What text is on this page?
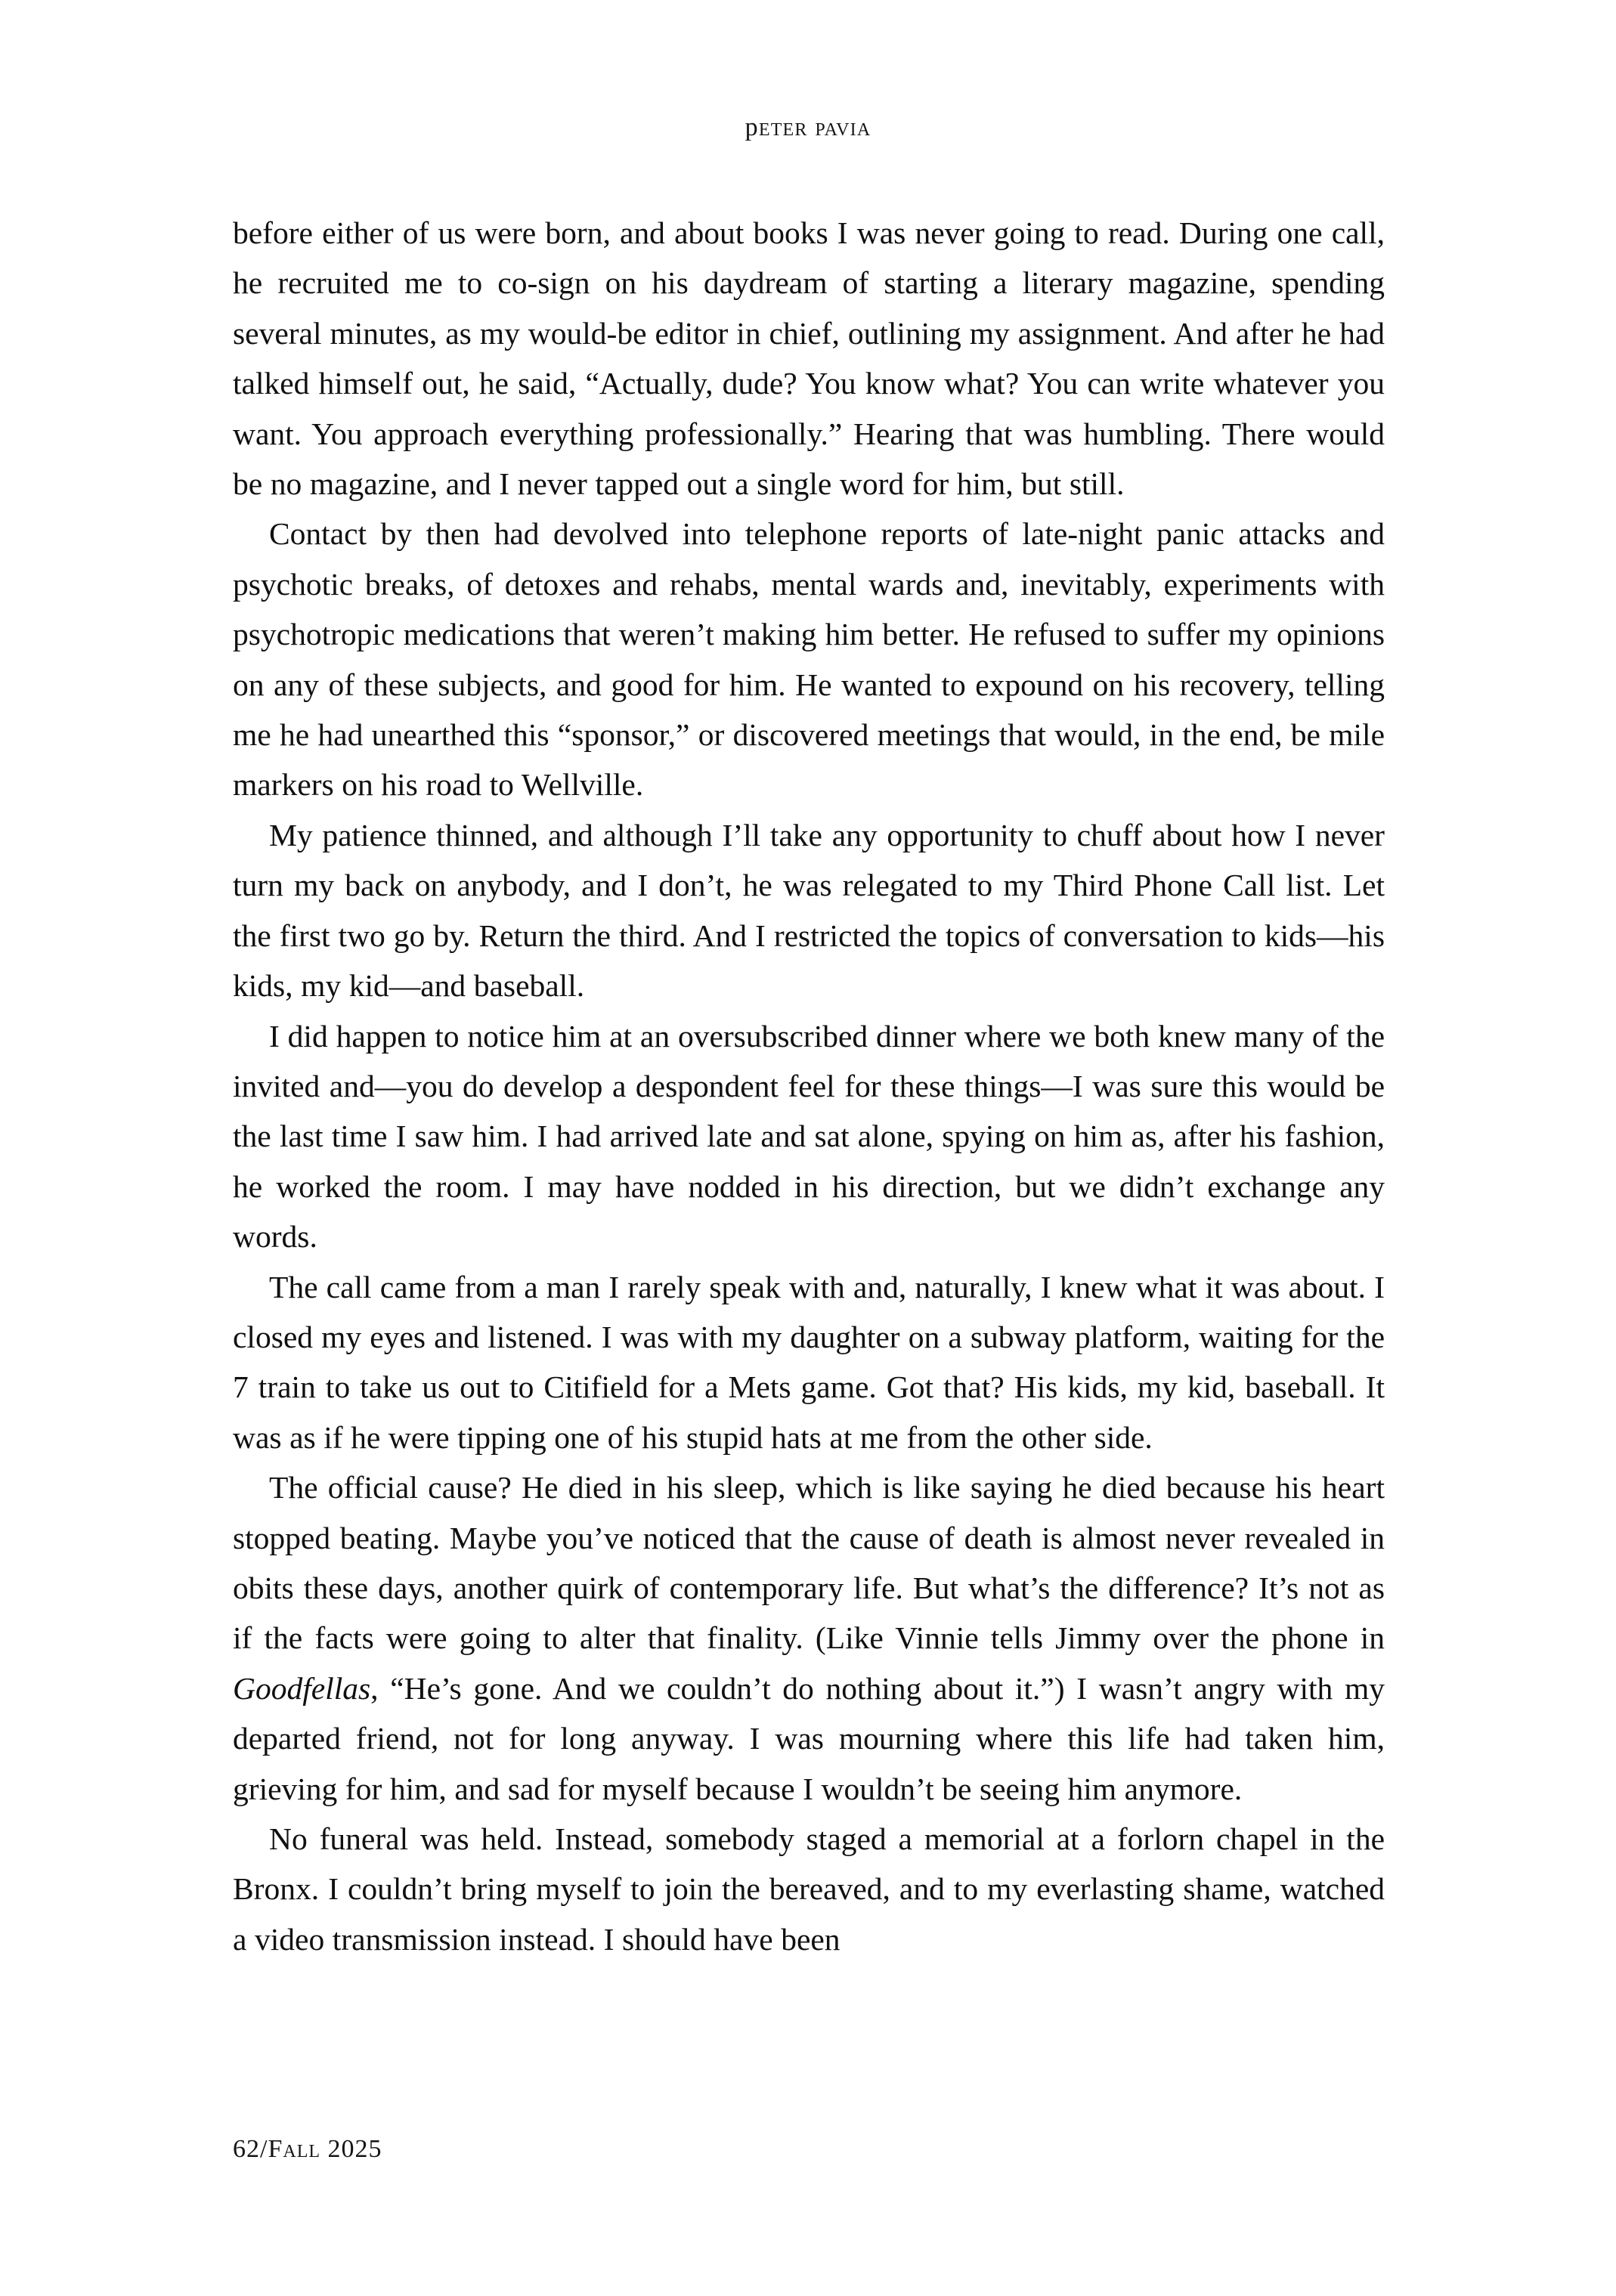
peter pavia

before either of us were born, and about books I was never going to read. During one call, he recruited me to co-sign on his daydream of starting a literary magazine, spending several minutes, as my would-be editor in chief, outlining my assignment. And after he had talked himself out, he said, “Actually, dude? You know what? You can write whatever you want. You approach everything professionally.” Hearing that was humbling. There would be no magazine, and I never tapped out a single word for him, but still.

Contact by then had devolved into telephone reports of late-night panic attacks and psychotic breaks, of detoxes and rehabs, mental wards and, inevitably, experiments with psychotropic medications that weren’t making him better. He refused to suffer my opinions on any of these subjects, and good for him. He wanted to expound on his recovery, telling me he had unearthed this “sponsor,” or discovered meetings that would, in the end, be mile markers on his road to Wellville.

My patience thinned, and although I’ll take any opportunity to chuff about how I never turn my back on anybody, and I don’t, he was relegated to my Third Phone Call list. Let the first two go by. Return the third. And I restricted the topics of conversation to kids—his kids, my kid—and baseball.

I did happen to notice him at an oversubscribed dinner where we both knew many of the invited and—you do develop a despondent feel for these things—I was sure this would be the last time I saw him. I had arrived late and sat alone, spying on him as, after his fashion, he worked the room. I may have nodded in his direction, but we didn’t exchange any words.

The call came from a man I rarely speak with and, naturally, I knew what it was about. I closed my eyes and listened. I was with my daughter on a subway platform, waiting for the 7 train to take us out to Citifield for a Mets game. Got that? His kids, my kid, baseball. It was as if he were tipping one of his stupid hats at me from the other side.

The official cause? He died in his sleep, which is like saying he died because his heart stopped beating. Maybe you’ve noticed that the cause of death is almost never revealed in obits these days, another quirk of contemporary life. But what’s the difference? It’s not as if the facts were going to alter that finality. (Like Vinnie tells Jimmy over the phone in Goodfellas, “He’s gone. And we couldn’t do nothing about it.”) I wasn’t angry with my departed friend, not for long anyway. I was mourning where this life had taken him, grieving for him, and sad for myself because I wouldn’t be seeing him anymore.

No funeral was held. Instead, somebody staged a memorial at a forlorn chapel in the Bronx. I couldn’t bring myself to join the bereaved, and to my everlasting shame, watched a video transmission instead. I should have been

62/Fall 2025
